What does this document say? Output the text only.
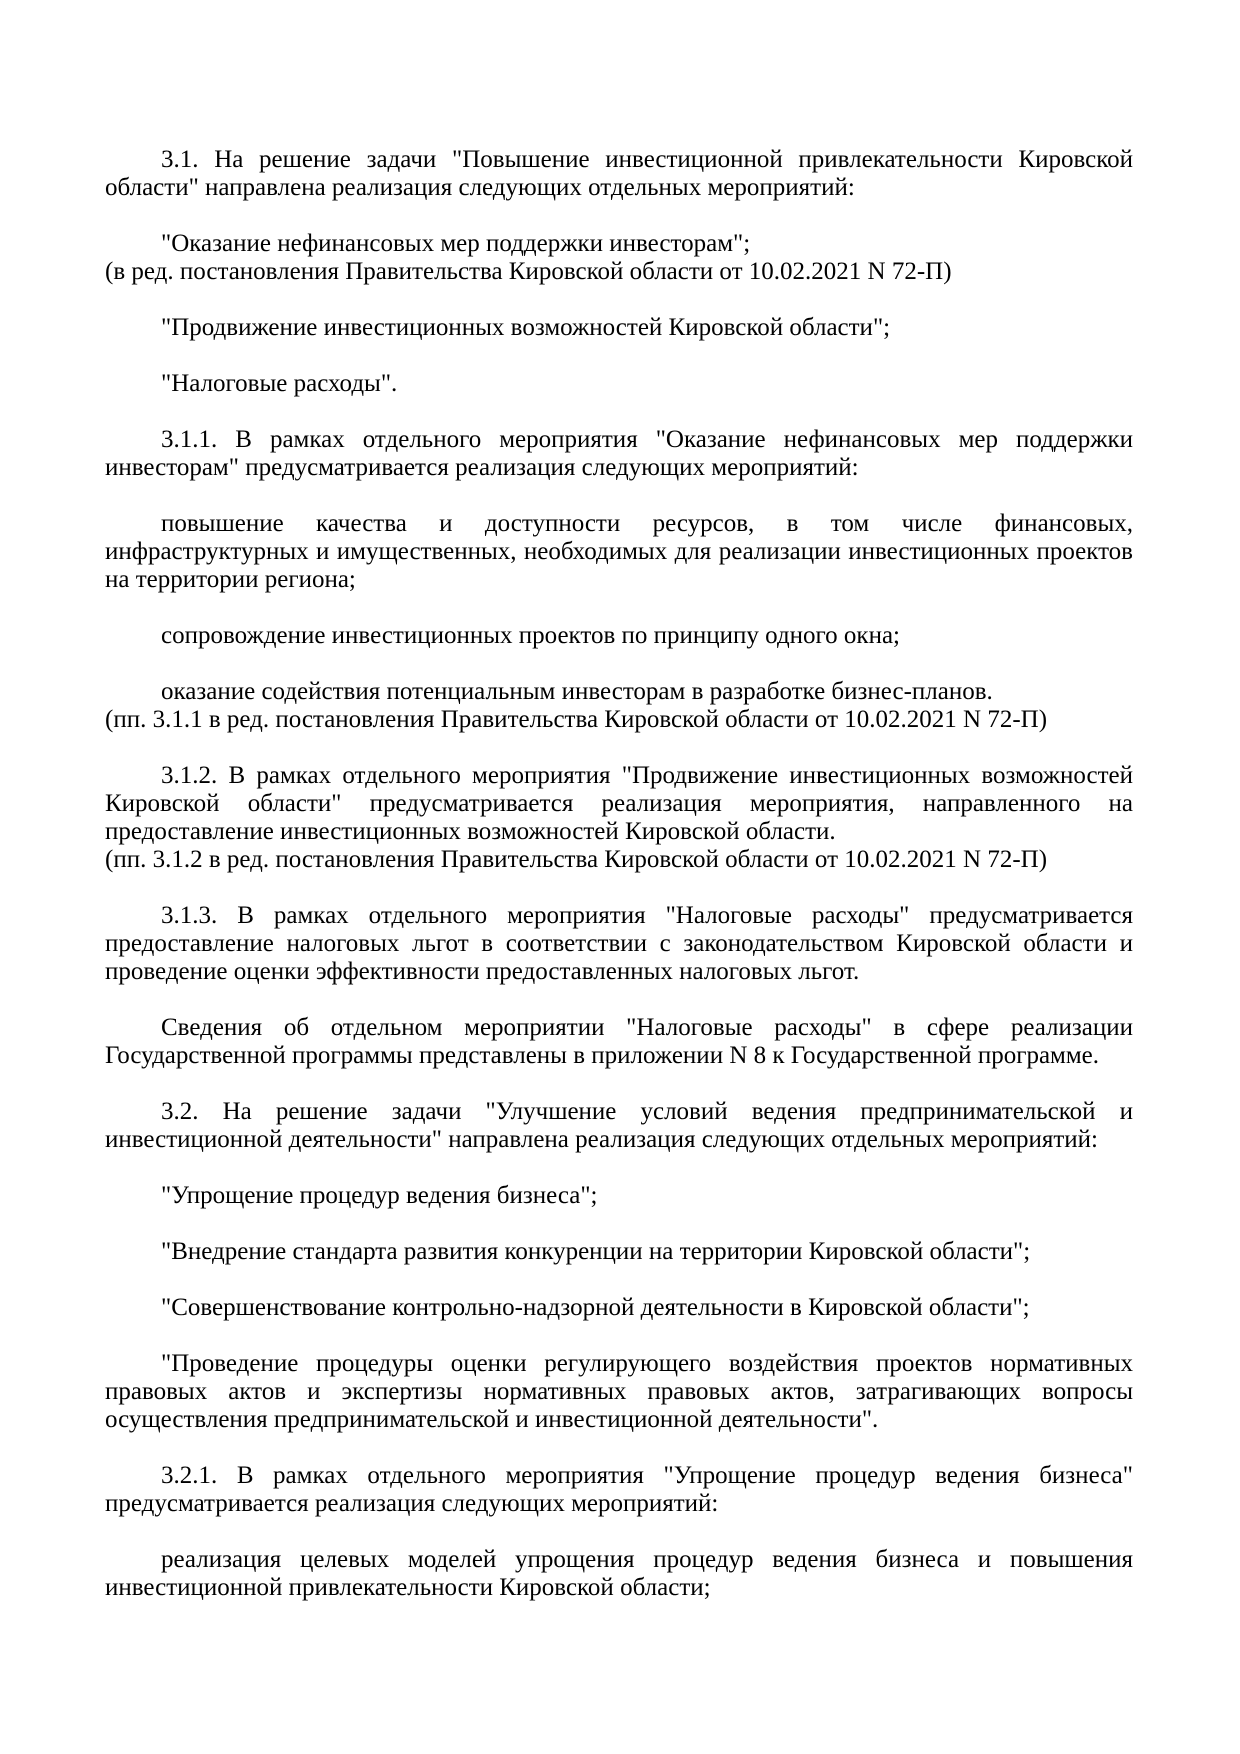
3.1. На решение задачи "Повышение инвестиционной привлекательности Кировской области" направлена реализация следующих отдельных мероприятий:

"Оказание нефинансовых мер поддержки инвесторам";

(в ред. постановления Правительства Кировской области от 10.02.2021 N 72-П)

"Продвижение инвестиционных возможностей Кировской области";

"Налоговые расходы".

3.1.1. В рамках отдельного мероприятия "Оказание нефинансовых мер поддержки инвесторам" предусматривается реализация следующих мероприятий:

повышение качества и доступности ресурсов, в том числе финансовых, инфраструктурных и имущественных, необходимых для реализации инвестиционных проектов на территории региона;

сопровождение инвестиционных проектов по принципу одного окна;

оказание содействия потенциальным инвесторам в разработке бизнес-планов.

(пп. 3.1.1 в ред. постановления Правительства Кировской области от 10.02.2021 N 72-П)

3.1.2. В рамках отдельного мероприятия "Продвижение инвестиционных возможностей Кировской области" предусматривается реализация мероприятия, направленного на предоставление инвестиционных возможностей Кировской области.

(пп. 3.1.2 в ред. постановления Правительства Кировской области от 10.02.2021 N 72-П)

3.1.3. В рамках отдельного мероприятия "Налоговые расходы" предусматривается предоставление налоговых льгот в соответствии с законодательством Кировской области и проведение оценки эффективности предоставленных налоговых льгот.

Сведения об отдельном мероприятии "Налоговые расходы" в сфере реализации Государственной программы представлены в приложении N 8 к Государственной программе.

3.2. На решение задачи "Улучшение условий ведения предпринимательской и инвестиционной деятельности" направлена реализация следующих отдельных мероприятий:

"Упрощение процедур ведения бизнеса";

"Внедрение стандарта развития конкуренции на территории Кировской области";

"Совершенствование контрольно-надзорной деятельности в Кировской области";

"Проведение процедуры оценки регулирующего воздействия проектов нормативных правовых актов и экспертизы нормативных правовых актов, затрагивающих вопросы осуществления предпринимательской и инвестиционной деятельности".

3.2.1. В рамках отдельного мероприятия "Упрощение процедур ведения бизнеса" предусматривается реализация следующих мероприятий:

реализация целевых моделей упрощения процедур ведения бизнеса и повышения инвестиционной привлекательности Кировской области;
